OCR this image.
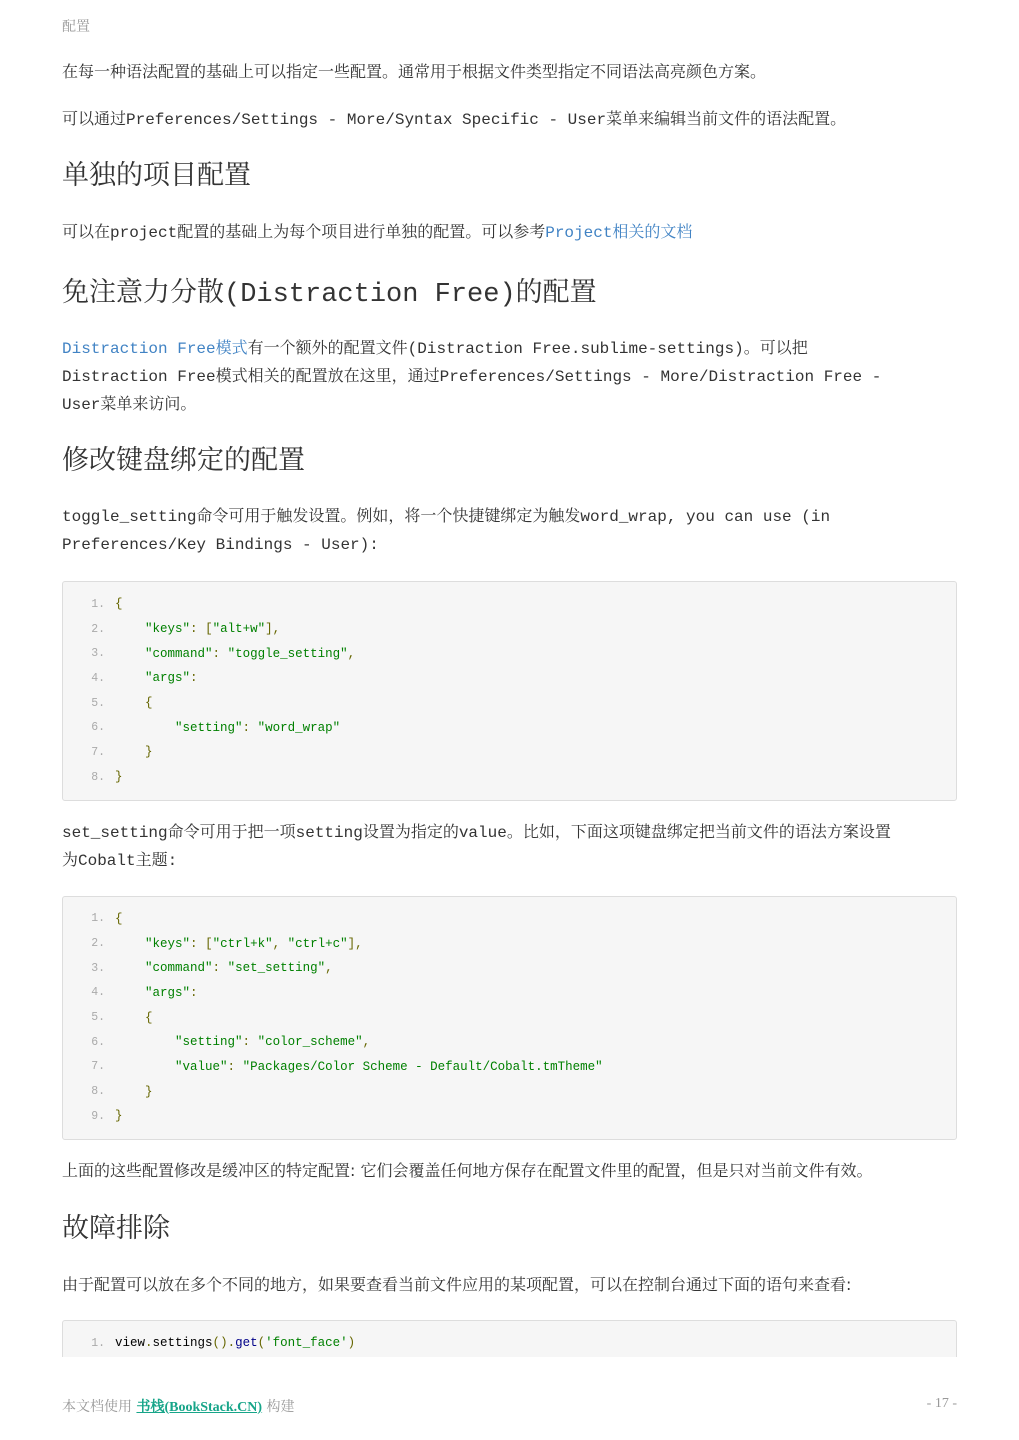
配置

在每一种语法配置的基础上可以指定一些配置。通常用于根据文件类型指定不同语法高亮颜色方案。

可以通过Preferences/Settings - More/Syntax Specific - User菜单来编辑当前文件的语法配置。

单独的项目配置

可以在project配置的基础上为每个项目进行单独的配置。可以参考Project相关的文档

免注意力分散(Distraction Free)的配置

Distraction Free模式有一个额外的配置文件(Distraction Free.sublime-settings)。可以把
Distraction Free模式相关的配置放在这里，通过Preferences/Settings - More/Distraction Free -
User菜单来访问。

修改键盘绑定的配置

toggle_setting命令可用于触发设置。例如，将一个快捷键绑定为触发word_wrap, you can use (in
Preferences/Key Bindings - User):

1. {
2.	"keys": ["alt+w"],
3.	"command": "toggle_setting",
4.	"args":
5.	{
6.	"setting": "word_wrap"
7.	}
8. }

set_setting命令可用于把一项setting设置为指定的value。比如，下面这项键盘绑定把当前文件的语法方案设置
为Cobalt主题:

1. {
2.	"keys": ["ctrl+k", "ctrl+c"],
3.	"command": "set_setting",
4.	"args":
5.	{
6.	"setting": "color_scheme",
7.	"value": "Packages/Color Scheme - Default/Cobalt.tmTheme"
8.	}
9. }

上面的这些配置修改是缓冲区的特定配置: 它们会覆盖任何地方保存在配置文件里的配置，但是只对当前文件有效。

故障排除

由于配置可以放在多个不同的地方，如果要查看当前文件应用的某项配置，可以在控制台通过下面的语句来查看:

1. view.settings().get('font_face')
本文档使用 书栈(BookStack.CN) 构建	- 17 -
